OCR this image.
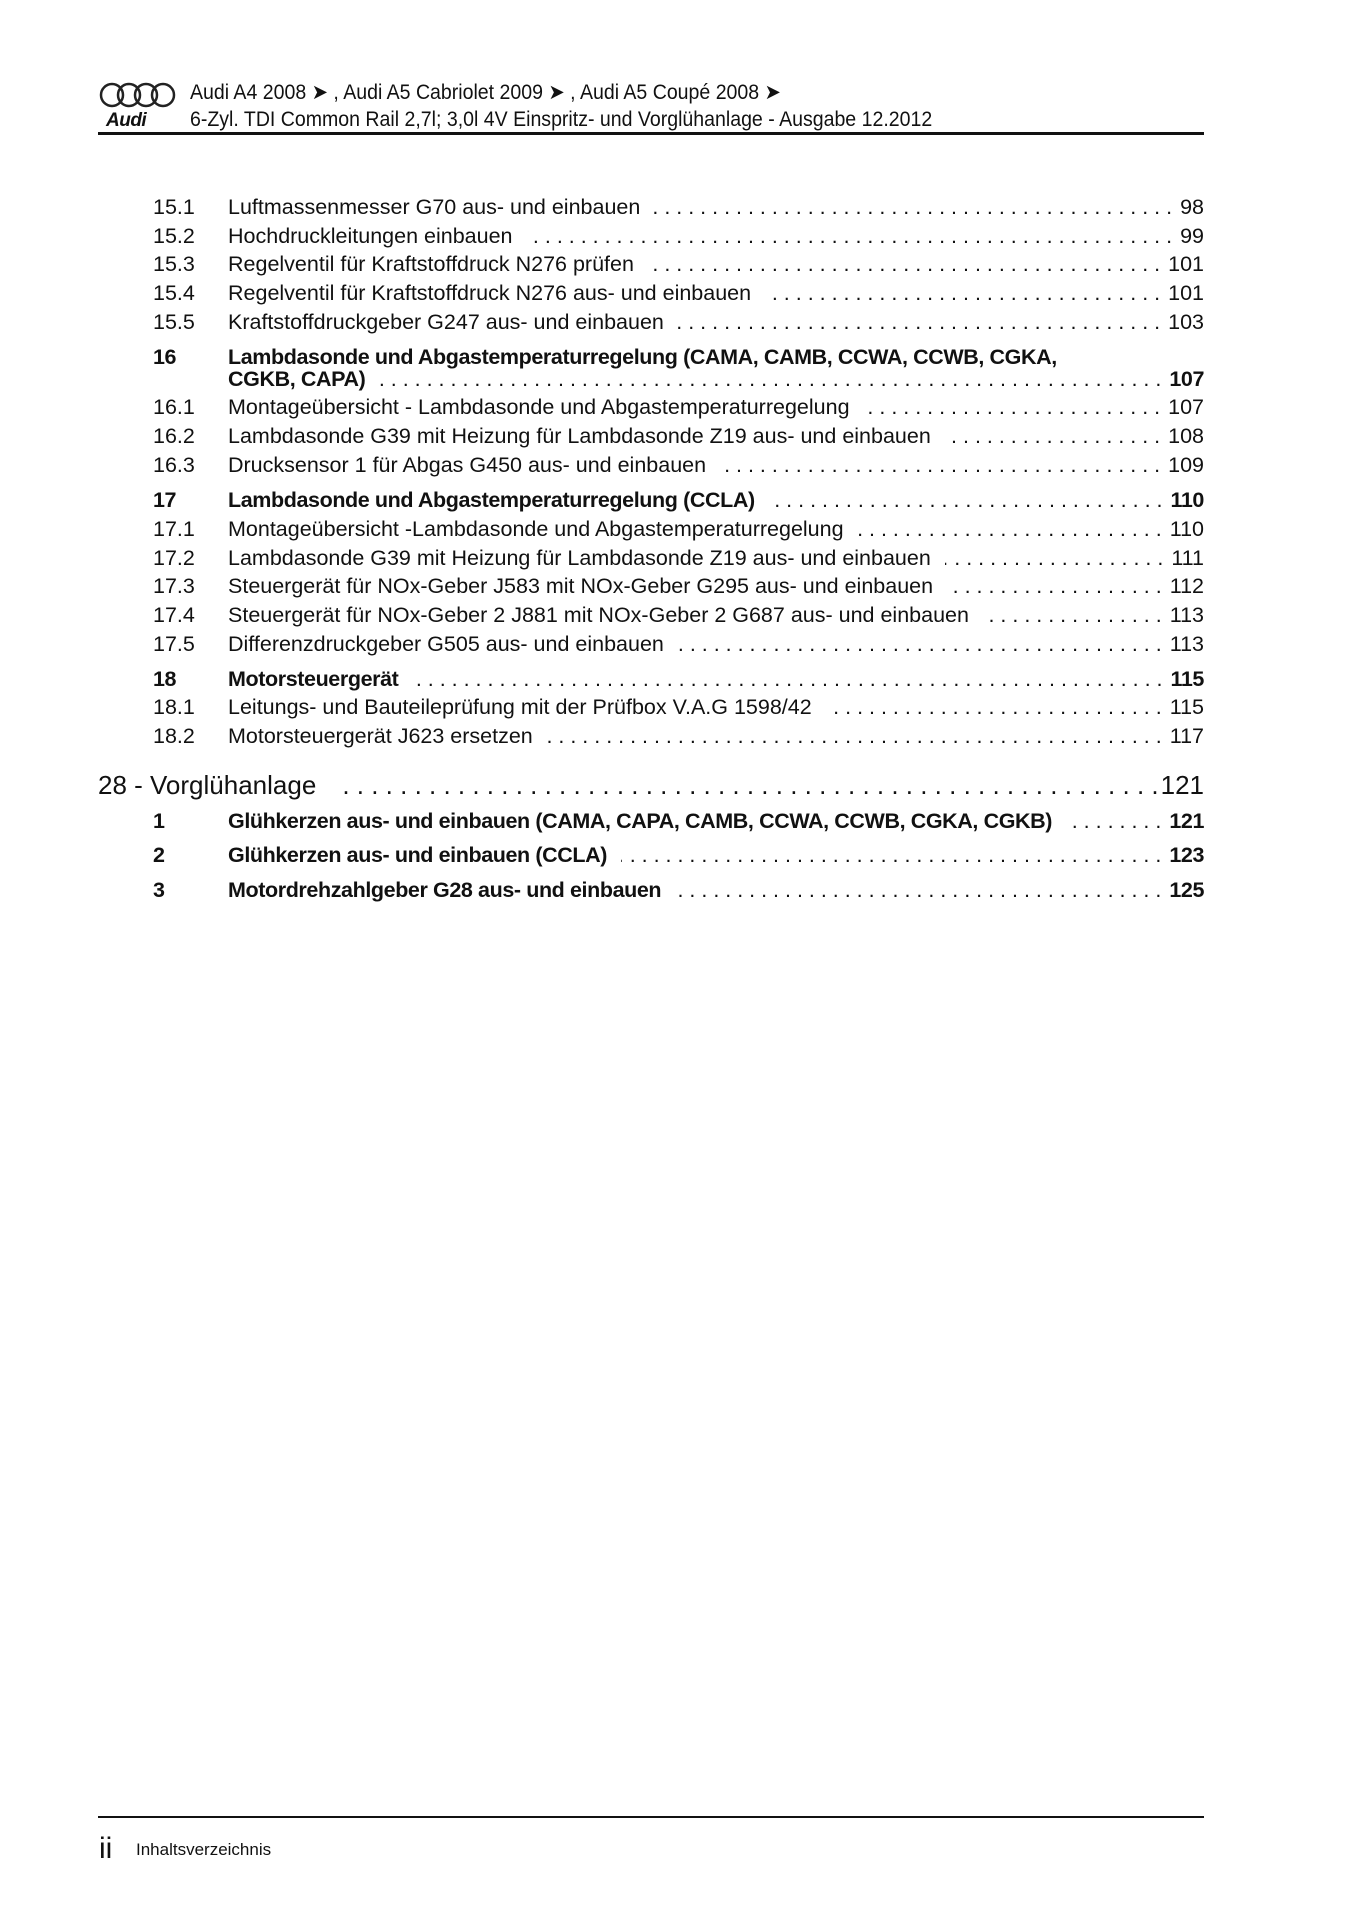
Audi
Audi A4 2008 ➤ , Audi A5 Cabriolet 2009 ➤ , Audi A5 Coupé 2008 ➤
6-Zyl. TDI Common Rail 2,7l; 3,0l 4V Einspritz- und Vorglühanlage - Ausgabe 12.2012
15.1	Luftmassenmesser G70 aus- und einbauen . . .	98
15.2	Hochdruckleitungen einbauen . . .	99
15.3	Regelventil für Kraftstoffdruck N276 prüfen . . .	101
15.4	Regelventil für Kraftstoffdruck N276 aus- und einbauen . . .	101
15.5	Kraftstoffdruckgeber G247 aus- und einbauen . . .	103
16	Lambdasonde und Abgastemperaturregelung (CAMA, CAMB, CCWA, CCWB, CGKA,
CGKB, CAPA) . . .	107
16.1	Montageübersicht - Lambdasonde und Abgastemperaturregelung . . .	107
16.2	Lambdasonde G39 mit Heizung für Lambdasonde Z19 aus- und einbauen . . .	108
16.3	Drucksensor 1 für Abgas G450 aus- und einbauen . . .	109
17	Lambdasonde und Abgastemperaturregelung (CCLA) . . .	110
17.1	Montageübersicht -Lambdasonde und Abgastemperaturregelung . . .	110
17.2	Lambdasonde G39 mit Heizung für Lambdasonde Z19 aus- und einbauen . . .	111
17.3	Steuergerät für NOx-Geber J583 mit NOx-Geber G295 aus- und einbauen . . .	112
17.4	Steuergerät für NOx-Geber 2 J881 mit NOx-Geber 2 G687 aus- und einbauen . . .	113
17.5	Differenzdruckgeber G505 aus- und einbauen . . .	113
18	Motorsteuergerät . . .	115
18.1	Leitungs- und Bauteileprüfung mit der Prüfbox V.A.G 1598/42 . . .	115
18.2	Motorsteuergerät J623 ersetzen . . .	117
28 - Vorglühanlage . . .	121
1	Glühkerzen aus- und einbauen (CAMA, CAPA, CAMB, CCWA, CCWB, CGKA, CGKB) . . .	121
2	Glühkerzen aus- und einbauen (CCLA) . . .	123
3	Motordrehzahlgeber G28 aus- und einbauen . . .	125
ii Inhaltsverzeichnis
